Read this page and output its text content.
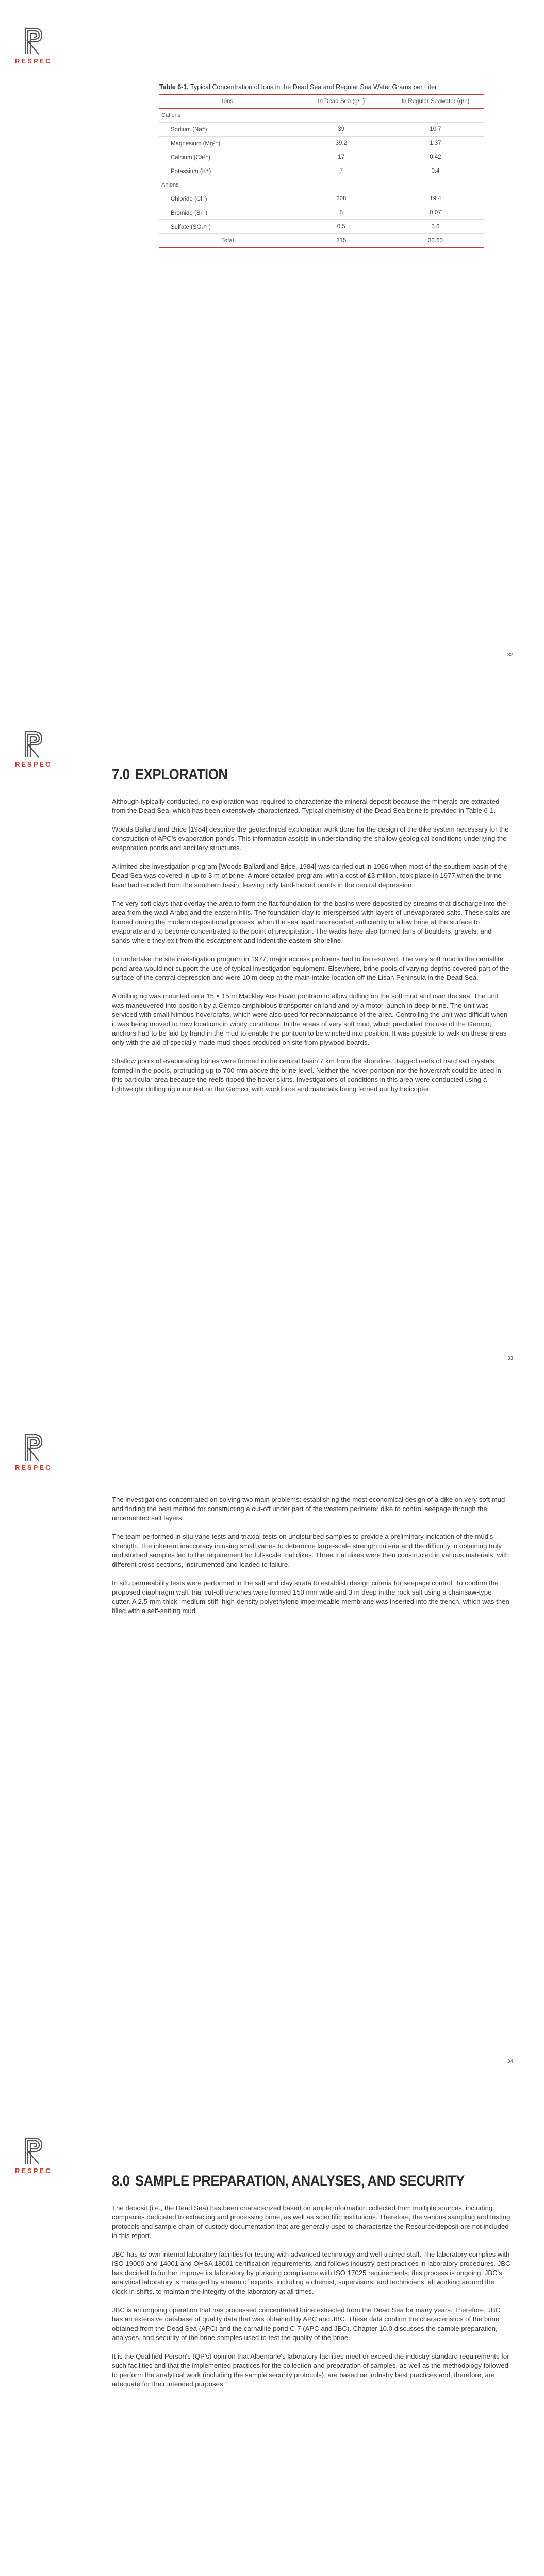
RESPEC
Table 6-1. Typical Concentration of Ions in the Dead Sea and Regular Sea Water Grams per Liter
Ions	In Dead Sea (g/L)	In Regular Seawater (g/L)
Cations		
Sodium (Na⁺)	39	10.7
Magnesium (Mg²⁺)	39.2	1.37
Calcium (Ca²⁺)	17	0.42
Potassium (K⁺)	7	0.4
Anions		
Chloride (Cl⁻)	208	19.4
Bromide (Br⁻)	5	0.07
Sulfate (SO₄²⁻)	0.5	3.6
Total	315	33.60
32
RESPEC
7.0 EXPLORATION

Although typically conducted, no exploration was required to characterize the mineral deposit because the minerals are extracted from the Dead Sea, which has been extensively characterized. Typical chemistry of the Dead Sea brine is provided in Table 6-1.

Woods Ballard and Brice [1984] describe the geotechnical exploration work done for the design of the dike system necessary for the construction of APC's evaporation ponds. This information assists in understanding the shallow geological conditions underlying the evaporation ponds and ancillary structures.

A limited site investigation program [Woods Ballard and Brice, 1984] was carried out in 1966 when most of the southern basin of the Dead Sea was covered in up to 3 m of brine. A more detailed program, with a cost of £3 million, took place in 1977 when the brine level had receded from the southern basin, leaving only land-locked ponds in the central depression.

The very soft clays that overlay the area to form the flat foundation for the basins were deposited by streams that discharge into the area from the wadi Araba and the eastern hills. The foundation clay is interspersed with layers of unevaporated salts. These salts are formed during the modern depositional process, when the sea level has receded sufficiently to allow brine at the surface to evaporate and to become concentrated to the point of precipitation. The wadis have also formed fans of boulders, gravels, and sands where they exit from the escarpment and indent the eastern shoreline.

To undertake the site investigation program in 1977, major access problems had to be resolved. The very soft mud in the carnallite pond area would not support the use of typical investigation equipment. Elsewhere, brine pools of varying depths covered part of the surface of the central depression and were 10 m deep at the main intake location off the Lisan Peninsula in the Dead Sea.

A drilling rig was mounted on a 15 × 15 m Mackley Ace hover pontoon to allow drilling on the soft mud and over the sea. The unit was maneuvered into position by a Gemco amphibious transporter on land and by a motor launch in deep brine. The unit was serviced with small Nimbus hovercrafts, which were also used for reconnaissance of the area. Controlling the unit was difficult when it was being moved to new locations in windy conditions. In the areas of very soft mud, which precluded the use of the Gemco, anchors had to be laid by hand in the mud to enable the pontoon to be winched into position. It was possible to walk on these areas only with the aid of specially made mud shoes produced on site from plywood boards.

Shallow pools of evaporating brines were formed in the central basin 7 km from the shoreline. Jagged reefs of hard salt crystals formed in the pools, protruding up to 700 mm above the brine level. Neither the hover pontoon nor the hovercraft could be used in this particular area because the reefs ripped the hover skirts. Investigations of conditions in this area were conducted using a lightweight drilling rig mounted on the Gemco, with workforce and materials being ferried out by helicopter.

33
RESPEC

The investigations concentrated on solving two main problems: establishing the most economical design of a dike on very soft mud and finding the best method for constructing a cut-off under part of the western perimeter dike to control seepage through the uncemented salt layers.

The team performed in situ vane tests and triaxial tests on undisturbed samples to provide a preliminary indication of the mud's strength. The inherent inaccuracy in using small vanes to determine large-scale strength criteria and the difficulty in obtaining truly undisturbed samples led to the requirement for full-scale trial dikes. Three trial dikes were then constructed in various materials, with different cross sections, instrumented and loaded to failure.

In situ permeability tests were performed in the salt and clay strata to establish design criteria for seepage control. To confirm the proposed diaphragm wall, trial cut-off trenches were formed 150 mm wide and 3 m deep in the rock salt using a chainsaw-type cutter. A 2.5-mm-thick, medium-stiff, high-density polyethylene impermeable membrane was inserted into the trench, which was then filled with a self-setting mud.

34
RESPEC
8.0 SAMPLE PREPARATION, ANALYSES, AND SECURITY

The deposit (i.e., the Dead Sea) has been characterized based on ample information collected from multiple sources, including companies dedicated to extracting and processing brine, as well as scientific institutions. Therefore, the various sampling and testing protocols and sample chain-of-custody documentation that are generally used to characterize the Resource/deposit are not included in this report.

JBC has its own internal laboratory facilities for testing with advanced technology and well-trained staff. The laboratory complies with ISO 19000 and 14001 and OHSA 18001 certification requirements, and follows industry best practices in laboratory procedures. JBC has decided to further improve its laboratory by pursuing compliance with ISO 17025 requirements; this process is ongoing. JBC's analytical laboratory is managed by a team of experts, including a chemist, supervisors, and technicians, all working around the clock in shifts, to maintain the integrity of the laboratory at all times.

JBC is an ongoing operation that has processed concentrated brine extracted from the Dead Sea for many years. Therefore, JBC has an extensive database of quality data that was obtained by APC and JBC. These data confirm the characteristics of the brine obtained from the Dead Sea (APC) and the carnallite pond C-7 (APC and JBC). Chapter 10.0 discusses the sample preparation, analyses, and security of the brine samples used to test the quality of the brine.

It is the Qualified Person's (QP's) opinion that Albemarle's laboratory facilities meet or exceed the industry standard requirements for such facilities and that the implemented practices for the collection and preparation of samples, as well as the methodology followed to perform the analytical work (including the sample security protocols), are based on industry best practices and, therefore, are adequate for their intended purposes.
